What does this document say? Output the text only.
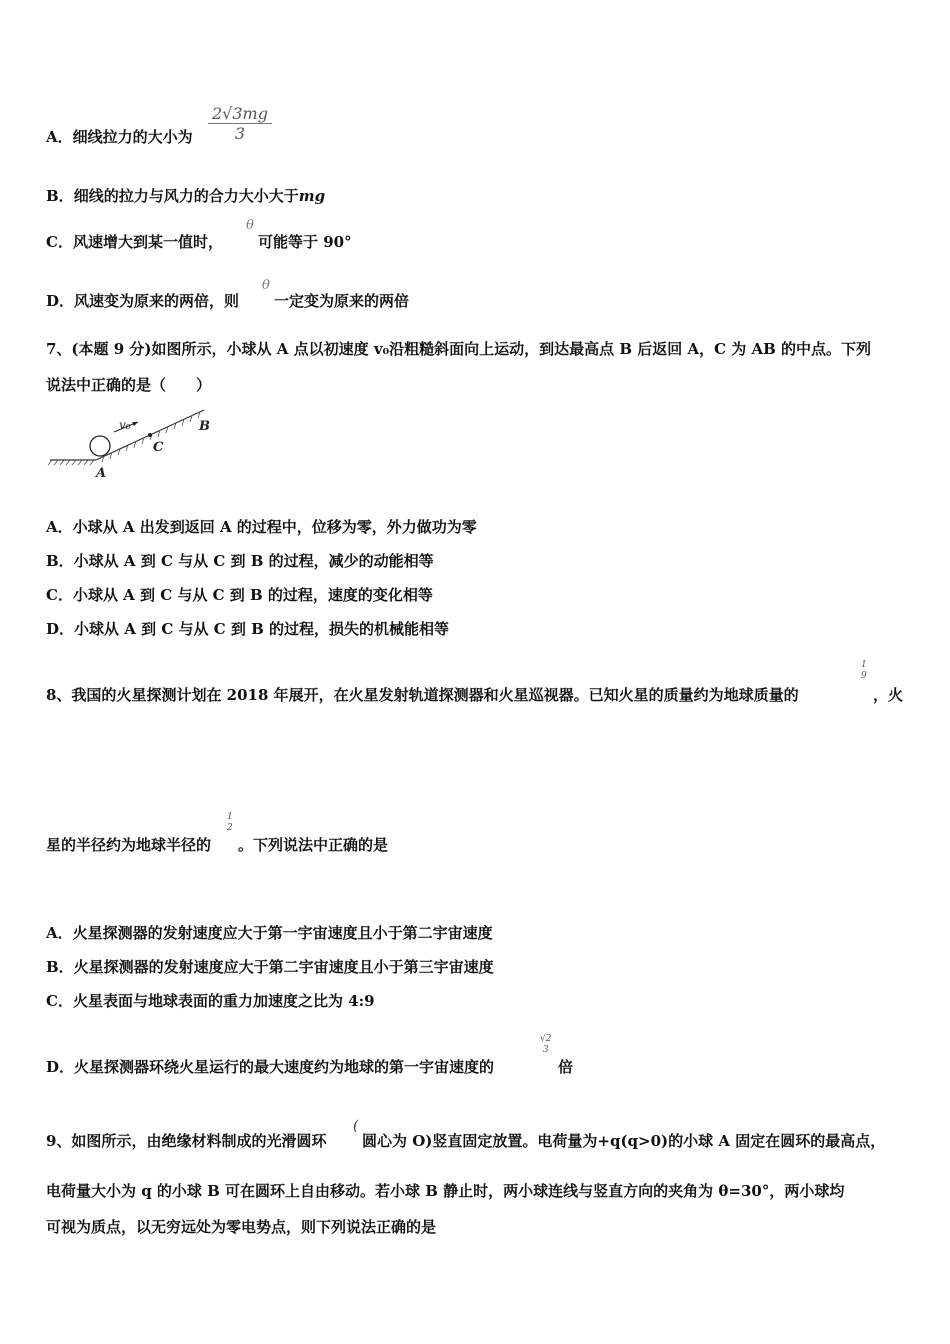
A．细线拉力的大小为 $\frac{2√3mg}{3}$
B．细线的拉力与风力的合力大小大于mg
C．风速增大到某一值时，
θ
可能等于 90°
D．风速变为原来的两倍，则
θ
一定变为原来的两倍
7、(本题 9 分)如图所示，小球从 A 点以初速度 v₀沿粗糙斜面向上运动，到达最高点 B 后返回 A，C 为 AB 的中点。下列
说法中正确的是（　　）
v₀	B
C
A
A．小球从 A 出发到返回 A 的过程中，位移为零，外力做功为零
B．小球从 A 到 C 与从 C 到 B 的过程，减少的动能相等
C．小球从 A 到 C 与从 C 到 B 的过程，速度的变化相等
D．小球从 A 到 C 与从 C 到 B 的过程，损失的机械能相等
8、我国的火星探测计划在 2018 年展开，在火星发射轨道探测器和火星巡视器。已知火星的质量约为地球质量的
1
9
，火
星的半径约为地球半径的
1
2
。下列说法中正确的是
A．火星探测器的发射速度应大于第一宇宙速度且小于第二宇宙速度
B．火星探测器的发射速度应大于第二宇宙速度且小于第三宇宙速度
C．火星表面与地球表面的重力加速度之比为 4:9
D．火星探测器环绕火星运行的最大速度约为地球的第一宇宙速度的
√2
3
倍
9、如图所示，由绝缘材料制成的光滑圆环
(
圆心为 O)竖直固定放置。电荷量为+q(q>0)的小球 A 固定在圆环的最高点，
电荷量大小为 q 的小球 B 可在圆环上自由移动。若小球 B 静止时，两小球连线与竖直方向的夹角为 θ=30°，两小球均
可视为质点，以无穷远处为零电势点，则下列说法正确的是
